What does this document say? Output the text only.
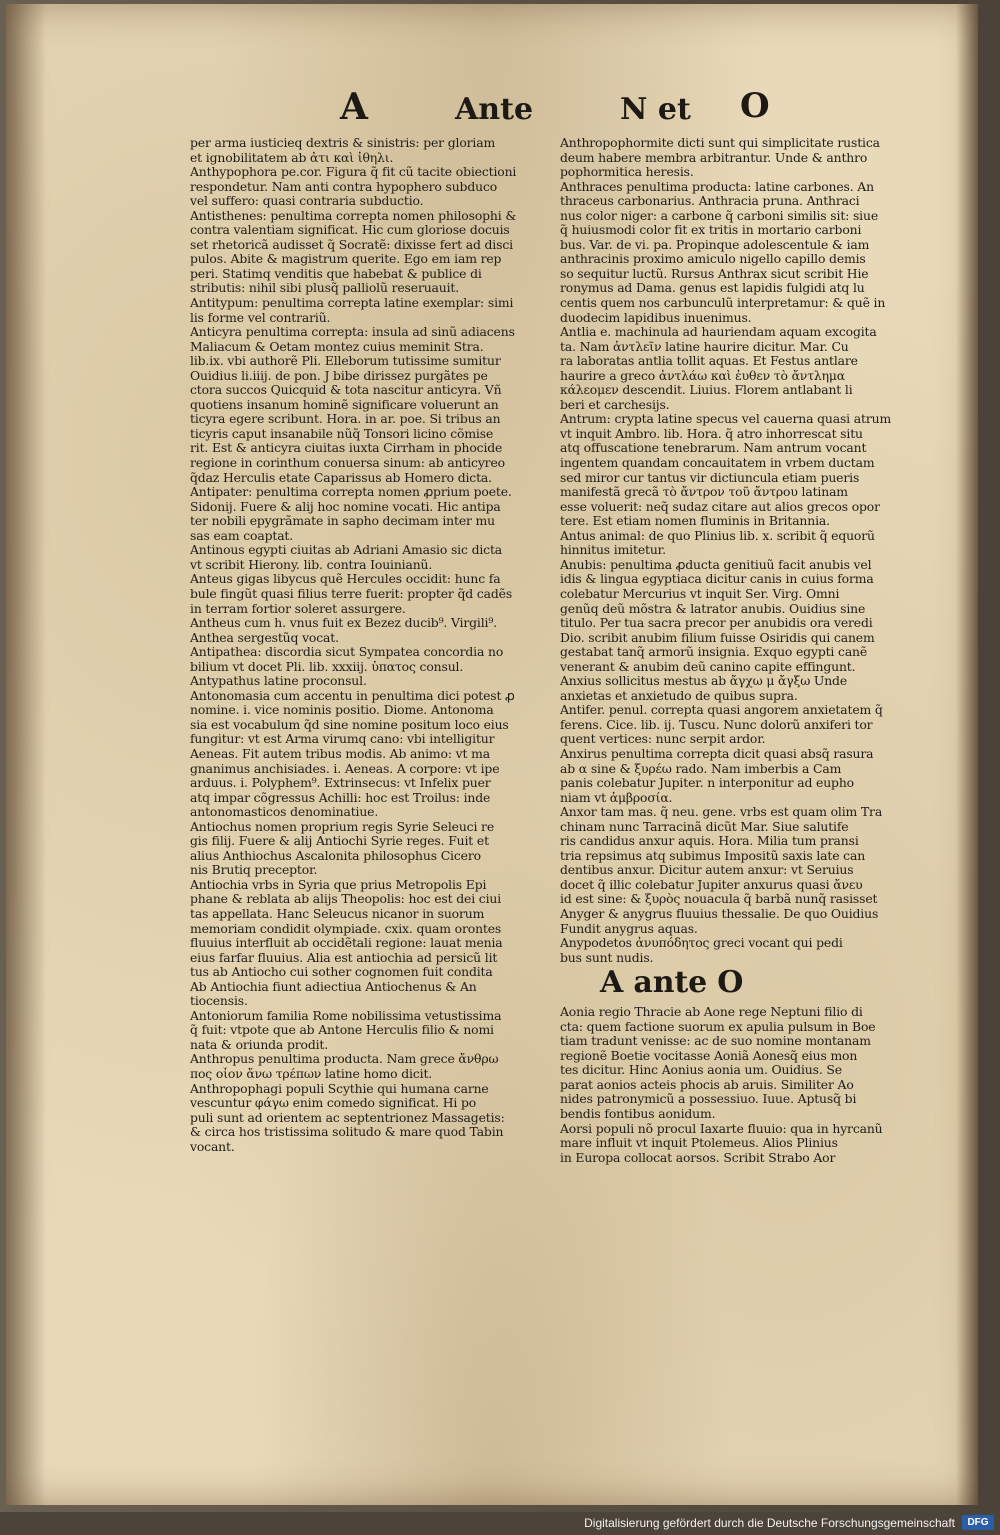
A	Ante	N et O
per arma iusticieq dextris & sinistris: per gloriam
et ignobilitatem ab ἀτι καὶ ἰθηλι.
Anthypophora pe.cor. Figura q̃ fit cũ tacite obiectioni
respondetur. Nam anti contra hypophero subduco
vel suffero: quasi contraria subductio.
Antisthenes: penultima correpta nomen philosophi &
contra valentiam significat. Hic cum gloriose docuis
set rhetoricã audisset q̃ Socratẽ: dixisse fert ad disci
pulos. Abite & magistrum querite. Ego em iam rep
peri. Statimq venditis que habebat & publice di
stributis: nihil sibi plusq̃ palliolũ reseruauit.
Antitypum: penultima correpta latine exemplar: simi
lis forme vel contrariũ.
Anticyra penultima correpta: insula ad sinũ adiacens
Maliacum & Oetam montez cuius meminit Stra.
lib.ix. vbi authorẽ Pli. Elleborum tutissime sumitur
Ouidius li.iiij. de pon. J bibe dirissez purgãtes pe
ctora succos Quicquid & tota nascitur anticyra. Vñ
quotiens insanum hominẽ significare voluerunt an
ticyra egere scribunt. Hora. in ar. poe. Si tribus an
ticyris caput insanabile nũq̃ Tonsori licino cõmise
rit. Est & anticyra ciuitas iuxta Cirrham in phocide
regione in corinthum conuersa sinum: ab anticyreo
q̃daz Herculis etate Caparissus ab Homero dicta.
Antipater: penultima correpta nomen ꝓprium poete.
Sidonij. Fuere & alij hoc nomine vocati. Hic antipa
ter nobili epygrãmate in sapho decimam inter mu
sas eam coaptat.
Antinous egypti ciuitas ab Adriani Amasio sic dicta
vt scribit Hierony. lib. contra Iouinianũ.
Anteus gigas libycus quẽ Hercules occidit: hunc fa
bule fingũt quasi filius terre fuerit: propter q̃d cadẽs
in terram fortior soleret assurgere.
Antheus cum h. vnus fuit ex Bezez ducib⁹. Virgili⁹.
Anthea sergestũq vocat.
Antipathea: discordia sicut Sympatea concordia no
bilium vt docet Pli. lib. xxxiij. ὑπατος consul.
Antypathus latine proconsul.
Antonomasia cum accentu in penultima dici potest ꝓ
nomine. i. vice nominis positio. Diome. Antonoma
sia est vocabulum q̃d sine nomine positum loco eius
fungitur: vt est Arma virumq cano: vbi intelligitur
Aeneas. Fit autem tribus modis. Ab animo: vt ma
gnanimus anchisiades. i. Aeneas. A corpore: vt ipe
arduus. i. Polyphem⁹. Extrinsecus: vt Infelix puer
atq impar cõgressus Achilli: hoc est Troilus: inde
antonomasticos denominatiue.
Antiochus nomen proprium regis Syrie Seleuci re
gis filij. Fuere & alij Antiochi Syrie reges. Fuit et
alius Anthiochus Ascalonita philosophus Cicero
nis Brutiq preceptor.
Antiochia vrbs in Syria que prius Metropolis Epi
phane & reblata ab alijs Theopolis: hoc est dei ciui
tas appellata. Hanc Seleucus nicanor in suorum
memoriam condidit olympiade. cxix. quam orontes
fluuius interfluit ab occidẽtali regione: lauat menia
eius farfar fluuius. Alia est antiochia ad persicũ lit
tus ab Antiocho cui sother cognomen fuit condita
Ab Antiochia fiunt adiectiua Antiochenus & An
tiocensis.
Antoniorum familia Rome nobilissima vetustissima
q̃ fuit: vtpote que ab Antone Herculis filio & nomi
nata & oriunda prodit.
Anthropus penultima producta. Nam grece ἄνθρω
πος οἷον ἄνω τρέπων latine homo dicit.
Anthropophagi populi Scythie qui humana carne
vescuntur φάγω enim comedo significat. Hi po
puli sunt ad orientem ac septentrionez Massagetis:
& circa hos tristissima solitudo & mare quod Tabin
vocant.
Anthropophormite dicti sunt qui simplicitate rustica
deum habere membra arbitrantur. Unde & anthro
pophormitica heresis.
Anthraces penultima producta: latine carbones. An
thraceus carbonarius. Anthracia pruna. Anthraci
nus color niger: a carbone q̃ carboni similis sit: siue
q̃ huiusmodi color fit ex tritis in mortario carboni
bus. Var. de vi. pa. Propinque adolescentule & iam
anthracinis proximo amiculo nigello capillo demis
so sequitur luctũ. Rursus Anthrax sicut scribit Hie
ronymus ad Dama. genus est lapidis fulgidi atq lu
centis quem nos carbunculũ interpretamur: & quẽ in
duodecim lapidibus inuenimus.
Antlia e. machinula ad hauriendam aquam excogita
ta. Nam ἀντλεῖν latine haurire dicitur. Mar. Cu
ra laboratas antlia tollit aquas. Et Festus antlare
haurire a greco ἀντλάω καὶ ἐυθεν τὸ ἄντλημα
κάλεομεν descendit. Liuius. Florem antlabant li
beri et carchesijs.
Antrum: crypta latine specus vel cauerna quasi atrum
vt inquit Ambro. lib. Hora. q̃ atro inhorrescat situ
atq offuscatione tenebrarum. Nam antrum vocant
ingentem quandam concauitatem in vrbem ductam
sed miror cur tantus vir dictiuncula etiam pueris
manifestã grecã τὸ ἄντρον τοῦ ἄντρου latinam
esse voluerit: neq̃ sudaz citare aut alios grecos opor
tere. Est etiam nomen fluminis in Britannia.
Antus animal: de quo Plinius lib. x. scribit q̃ equorũ
hinnitus imitetur.
Anubis: penultima ꝓducta genitiuũ facit anubis vel
idis & lingua egyptiaca dicitur canis in cuius forma
colebatur Mercurius vt inquit Ser. Virg. Omni
genũq deũ mõstra & latrator anubis. Ouidius sine
titulo. Per tua sacra precor per anubidis ora veredi
Dio. scribit anubim filium fuisse Osiridis qui canem
gestabat tanq̃ armorũ insignia. Exquo egypti canẽ
venerant & anubim deũ canino capite effingunt.
Anxius sollicitus mestus ab ἄγχω μ ἄγξω Unde
anxietas et anxietudo de quibus supra.
Antifer. penul. correpta quasi angorem anxietatem q̃
ferens. Cice. lib. ij. Tuscu. Nunc dolorũ anxiferi tor
quent vertices: nunc serpit ardor.
Anxirus penultima correpta dicit quasi absq̃ rasura
ab α sine & ξυρέω rado. Nam imberbis a Cam
panis colebatur Jupiter. n interponitur ad eupho
niam vt ἀμβροσία.
Anxor tam mas. q̃ neu. gene. vrbs est quam olim Tra
chinam nunc Tarracinã dicũt Mar. Siue salutife
ris candidus anxur aquis. Hora. Milia tum pransi
tria repsimus atq subimus Impositũ saxis late can
dentibus anxur. Dicitur autem anxur: vt Seruius
docet q̃ illic colebatur Jupiter anxurus quasi ἄνευ
id est sine: & ξυρὸς nouacula q̃ barbã nunq̃ rasisset
Anyger & anygrus fluuius thessalie. De quo Ouidius
Fundit anygrus aquas.
Anypodetos ἀνυπόδητος greci vocant qui pedi
bus sunt nudis.
A ante O
Aonia regio Thracie ab Aone rege Neptuni filio di
cta: quem factione suorum ex apulia pulsum in Boe
tiam tradunt venisse: ac de suo nomine montanam
regionẽ Boetie vocitasse Aoniã Aonesq̃ eius mon
tes dicitur. Hinc Aonius aonia um. Ouidius. Se
parat aonios acteis phocis ab aruis. Similiter Ao
nides patronymicũ a possessiuo. Iuue. Aptusq̃ bi
bendis fontibus aonidum.
Aorsi populi nõ procul Iaxarte fluuio: qua in hyrcanũ
mare influit vt inquit Ptolemeus. Alios Plinius
in Europa collocat aorsos. Scribit Strabo Aor
Digitalisierung gefördert durch die Deutsche Forschungsgemeinschaft	DFG
